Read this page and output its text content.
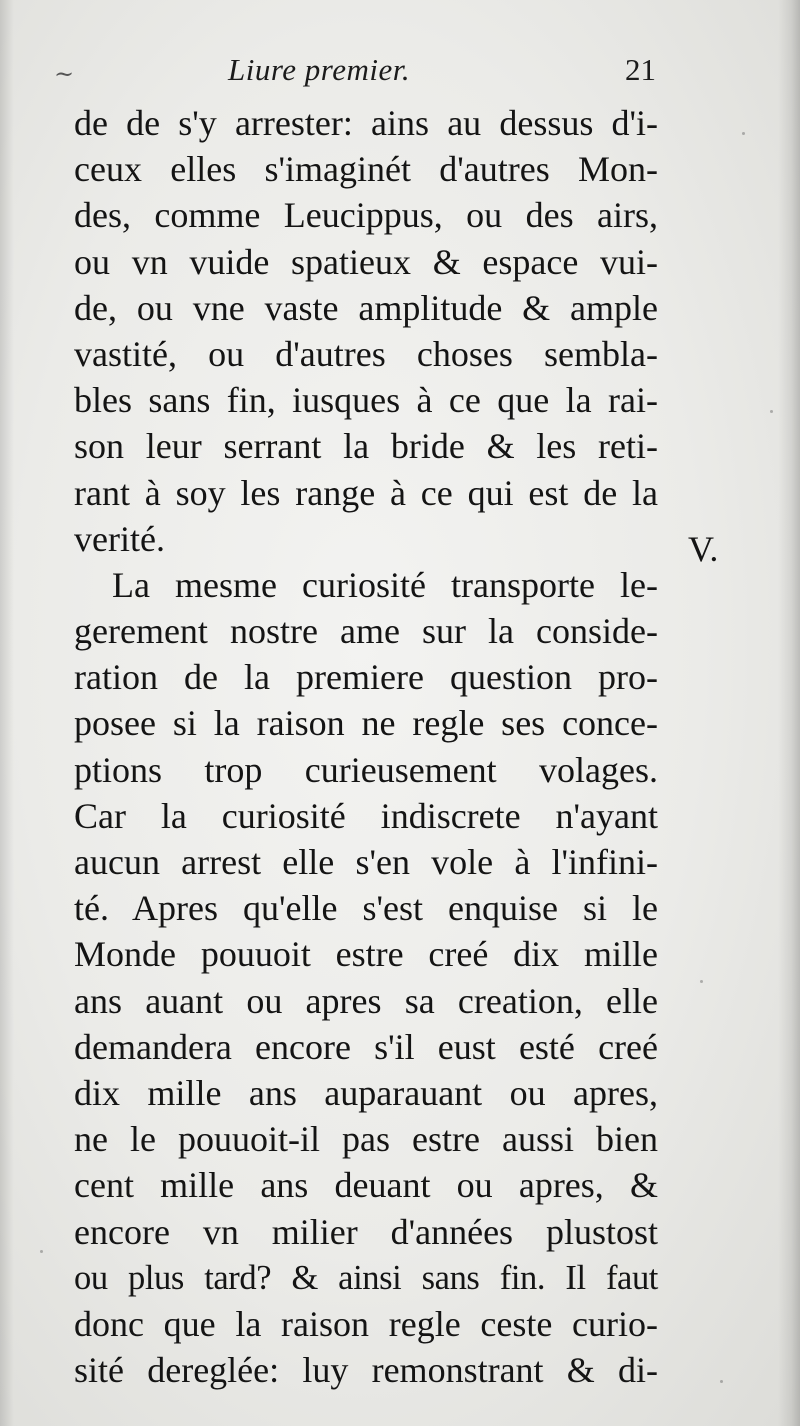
~	Liure premier.	21
de de s'y arrester: ains au dessus d'i-
ceux elles s'imaginét d'autres Mon-
des, comme Leucippus, ou des airs,
ou vn vuide spatieux & espace vui-
de, ou vne vaste amplitude & ample
vastité, ou d'autres choses sembla-
bles sans fin, iusques à ce que la rai-
son leur serrant la bride & les reti-
rant à soy les range à ce qui est de la
verité.
La mesme curiosité transporte le-
gerement nostre ame sur la conside-
ration de la premiere question pro-
posee si la raison ne regle ses conce-
ptions trop curieusement volages.
Car la curiosité indiscrete n'ayant
aucun arrest elle s'en vole à l'infini-
té. Apres qu'elle s'est enquise si le
Monde pouuoit estre creé dix mille
ans auant ou apres sa creation, elle
demandera encore s'il eust esté creé
dix mille ans auparauant ou apres,
ne le pouuoit-il pas estre aussi bien
cent mille ans deuant ou apres, &
encore vn milier d'années plustost
ou plus tard? & ainsi sans fin. Il faut
donc que la raison regle ceste curio-
sité dereglée: luy remonstrant & di-
V.
